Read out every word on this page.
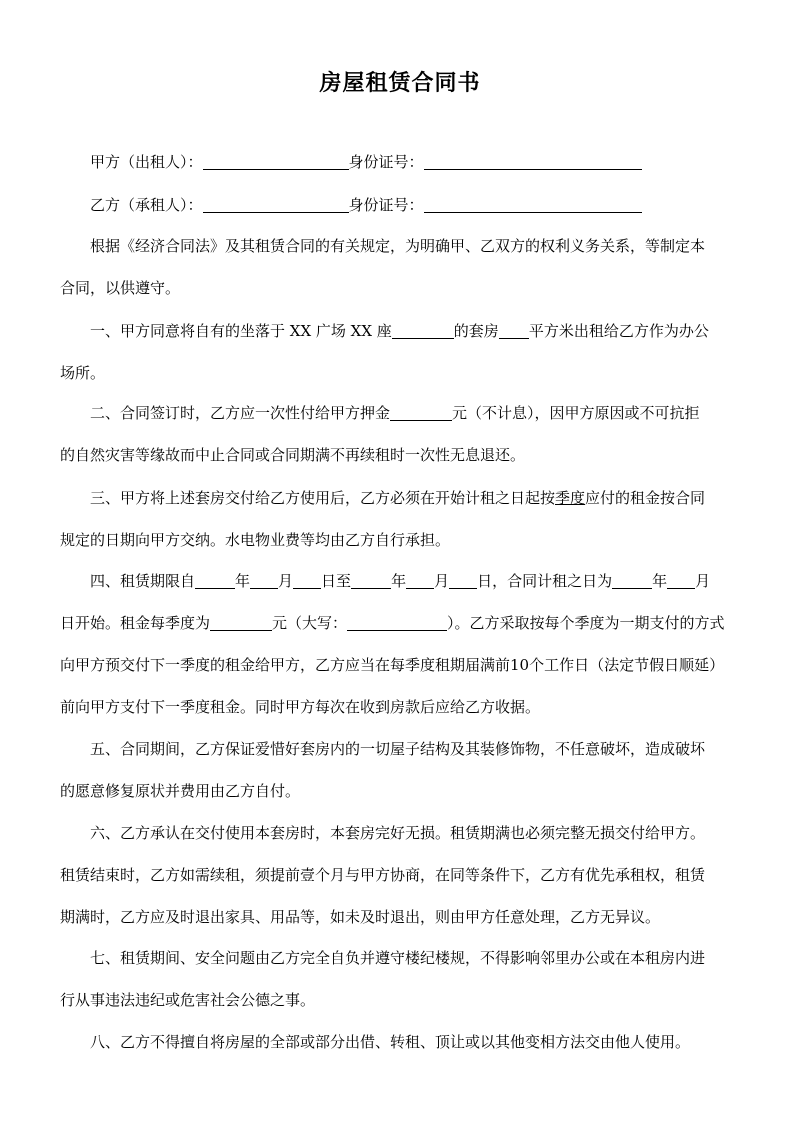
房屋租赁合同书
甲方（出租人）：	身份证号：
乙方（承租人）：	身份证号：
根据《经济合同法》及其租赁合同的有关规定，为明确甲、乙双方的权利义务关系，等制定本
合同，以供遵守。
一、甲方同意将自有的坐落于 XX 广场 XX 座	的套房 平方米出租给乙方作为办公
场所。
二、合同签订时，乙方应一次性付给甲方押金	元（不计息），因甲方原因或不可抗拒
的自然灾害等缘故而中止合同或合同期满不再续租时一次性无息退还。
三、甲方将上述套房交付给乙方使用后，乙方必须在开始计租之日起按季度应付的租金按合同
规定的日期向甲方交纳。水电物业费等均由乙方自行承担。
四、租赁期限自	年 月 日至	年 月 日，合同计租之日为	年 月
日开始。租金每季度为	元（大写：	）。乙方采取按每个季度为一期支付的方式
向甲方预交付下一季度的租金给甲方，乙方应当在每季度租期届满前10个工作日（法定节假日顺延）
前向甲方支付下一季度租金。同时甲方每次在收到房款后应给乙方收据。
五、合同期间，乙方保证爱惜好套房内的一切屋子结构及其装修饰物，不任意破坏，造成破坏
的愿意修复原状并费用由乙方自付。
六、乙方承认在交付使用本套房时，本套房完好无损。租赁期满也必须完整无损交付给甲方。
租赁结束时，乙方如需续租，须提前壹个月与甲方协商，在同等条件下，乙方有优先承租权，租赁
期满时，乙方应及时退出家具、用品等，如未及时退出，则由甲方任意处理，乙方无异议。
七、租赁期间、安全问题由乙方完全自负并遵守楼纪楼规，不得影响邻里办公或在本租房内进
行从事违法违纪或危害社会公德之事。
八、乙方不得擅自将房屋的全部或部分出借、转租、顶让或以其他变相方法交由他人使用。
